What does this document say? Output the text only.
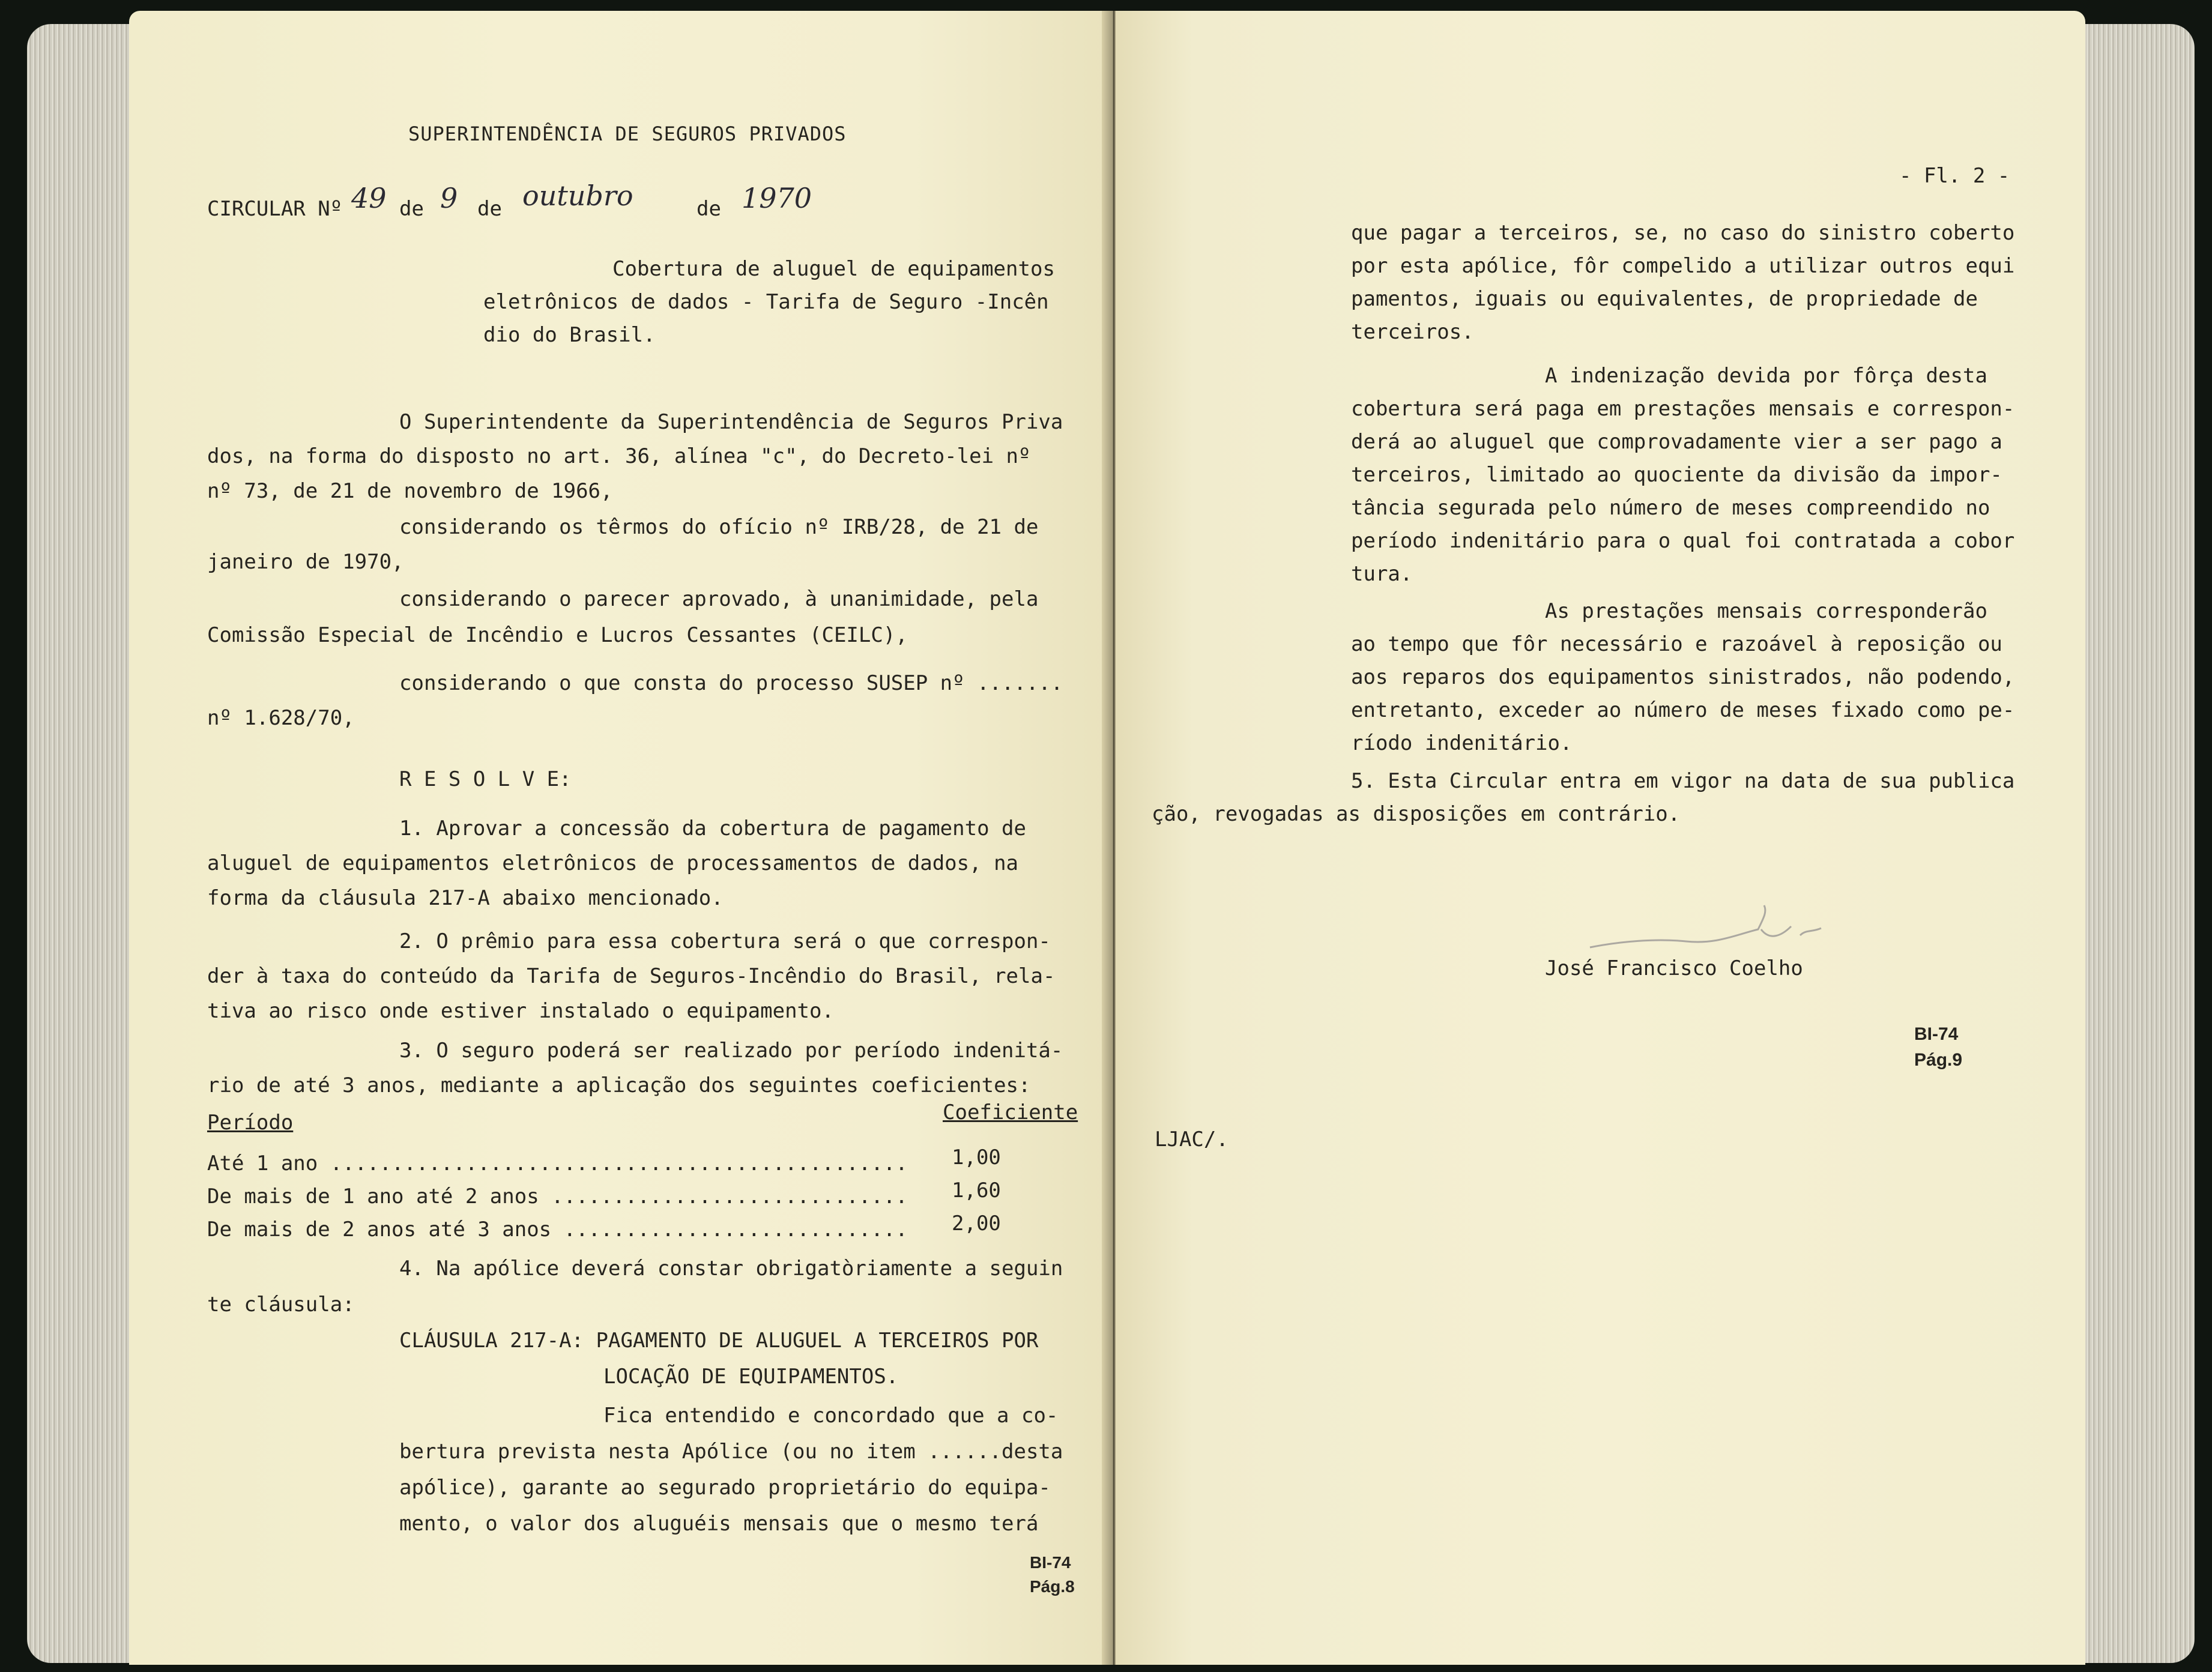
SUPERINTENDÊNCIA DE SEGUROS PRIVADOS
CIRCULAR Nº 49 de 9 de outubro	de 1970
Cobertura de aluguel de equipamentos
eletrônicos de dados - Tarifa de Seguro -Incên
dio do Brasil.
O Superintendente da Superintendência de Seguros Priva
dos, na forma do disposto no art. 36, alínea "c", do Decreto-lei nº
nº 73, de 21 de novembro de 1966,
considerando os têrmos do ofício nº IRB/28, de 21 de
janeiro de 1970,
considerando o parecer aprovado, à unanimidade, pela
Comissão Especial de Incêndio e Lucros Cessantes (CEILC),
considerando o que consta do processo SUSEP nº .......
nº 1.628/70,
R E S O L V E:
1. Aprovar a concessão da cobertura de pagamento de
aluguel de equipamentos eletrônicos de processamentos de dados, na
forma da cláusula 217-A abaixo mencionado.
2. O prêmio para essa cobertura será o que correspon-
der à taxa do conteúdo da Tarifa de Seguros-Incêndio do Brasil, rela-
tiva ao risco onde estiver instalado o equipamento.
3. O seguro poderá ser realizado por período indenitá-
rio de até 3 anos, mediante a aplicação dos seguintes coeficientes:
Período	Coeficiente
Até 1 ano ............................................... 1,00
De mais de 1 ano até 2 anos ............................. 1,60
De mais de 2 anos até 3 anos ............................ 2,00
4. Na apólice deverá constar obrigatòriamente a seguin
te cláusula:
CLÁUSULA 217-A: PAGAMENTO DE ALUGUEL A TERCEIROS POR
LOCAÇÃO DE EQUIPAMENTOS.
Fica entendido e concordado que a co-
bertura prevista nesta Apólice (ou no item ......desta
apólice), garante ao segurado proprietário do equipa-
mento, o valor dos aluguéis mensais que o mesmo terá
BI-74
Pág.8
- Fl. 2 -
que pagar a terceiros, se, no caso do sinistro coberto
por esta apólice, fôr compelido a utilizar outros equi
pamentos, iguais ou equivalentes, de propriedade de
terceiros.
A indenização devida por fôrça desta
cobertura será paga em prestações mensais e correspon-
derá ao aluguel que comprovadamente vier a ser pago a
terceiros, limitado ao quociente da divisão da impor-
tância segurada pelo número de meses compreendido no
período indenitário para o qual foi contratada a cobor
tura.
As prestações mensais corresponderão
ao tempo que fôr necessário e razoável à reposição ou
aos reparos dos equipamentos sinistrados, não podendo,
entretanto, exceder ao número de meses fixado como pe-
ríodo indenitário.
5. Esta Circular entra em vigor na data de sua publica
ção, revogadas as disposições em contrário.
José Francisco Coelho
BI-74
Pág.9
LJAC/.
